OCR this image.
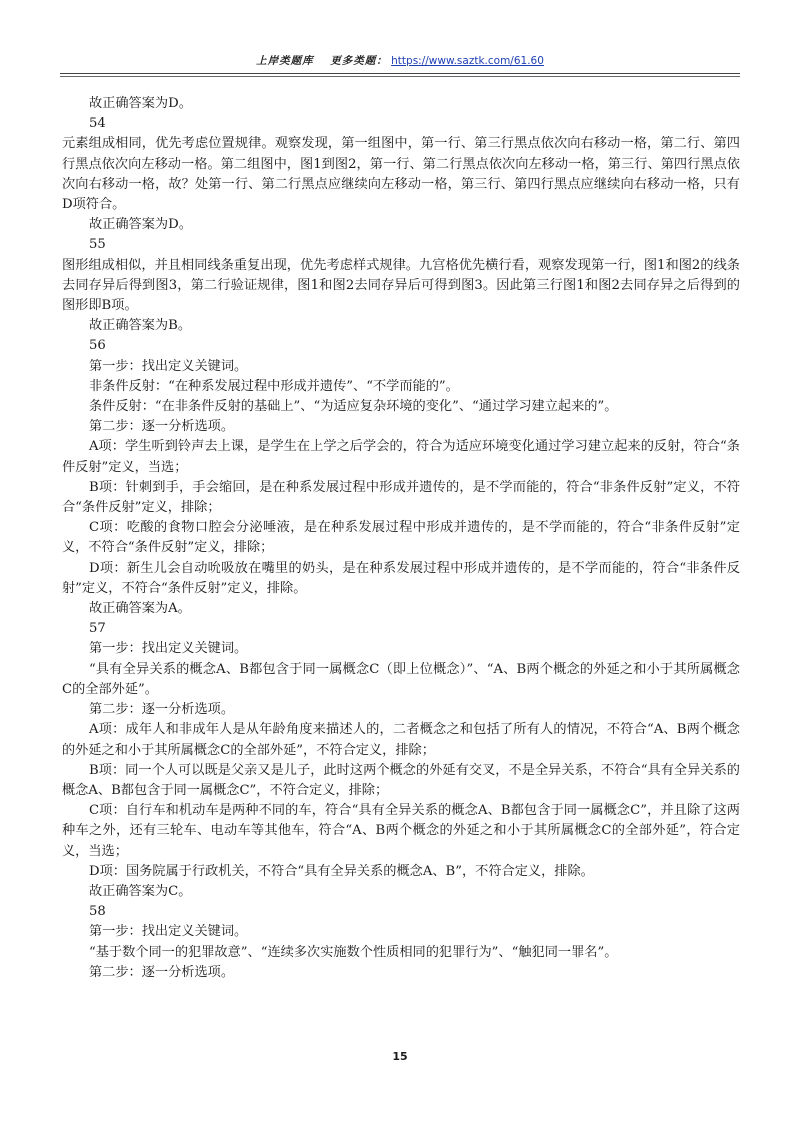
上岸类题库 更多类题： https://www.saztk.com/61.60

故正确答案为D。

54

元素组成相同，优先考虑位置规律。观察发现，第一组图中，第一行、第三行黑点依次向右移动一格，第二行、第四行黑点依次向左移动一格。第二组图中，图1到图2，第一行、第二行黑点依次向左移动一格，第三行、第四行黑点依次向右移动一格，故？处第一行、第二行黑点应继续向左移动一格，第三行、第四行黑点应继续向右移动一格，只有D项符合。

故正确答案为D。

55

图形组成相似，并且相同线条重复出现，优先考虑样式规律。九宫格优先横行看，观察发现第一行，图1和图2的线条去同存异后得到图3，第二行验证规律，图1和图2去同存异后可得到图3。因此第三行图1和图2去同存异之后得到的图形即B项。

故正确答案为B。

56

第一步：找出定义关键词。

非条件反射：“在种系发展过程中形成并遗传”、“不学而能的”。

条件反射：“在非条件反射的基础上”、“为适应复杂环境的变化”、“通过学习建立起来的”。

第二步：逐一分析选项。

A项：学生听到铃声去上课，是学生在上学之后学会的，符合为适应环境变化通过学习建立起来的反射，符合“条件反射”定义，当选；

B项：针刺到手，手会缩回，是在种系发展过程中形成并遗传的，是不学而能的，符合“非条件反射”定义，不符合“条件反射”定义，排除；

C项：吃酸的食物口腔会分泌唾液，是在种系发展过程中形成并遗传的，是不学而能的，符合“非条件反射”定义，不符合“条件反射”定义，排除；

D项：新生儿会自动吮吸放在嘴里的奶头，是在种系发展过程中形成并遗传的，是不学而能的，符合“非条件反射”定义，不符合“条件反射”定义，排除。

故正确答案为A。

57

第一步：找出定义关键词。

“具有全异关系的概念A、B都包含于同一属概念C（即上位概念）”、“A、B两个概念的外延之和小于其所属概念C的全部外延”。

第二步：逐一分析选项。

A项：成年人和非成年人是从年龄角度来描述人的，二者概念之和包括了所有人的情况，不符合“A、B两个概念的外延之和小于其所属概念C的全部外延”，不符合定义，排除；

B项：同一个人可以既是父亲又是儿子，此时这两个概念的外延有交叉，不是全异关系，不符合“具有全异关系的概念A、B都包含于同一属概念C”，不符合定义，排除；

C项：自行车和机动车是两种不同的车，符合“具有全异关系的概念A、B都包含于同一属概念C”，并且除了这两种车之外，还有三轮车、电动车等其他车，符合“A、B两个概念的外延之和小于其所属概念C的全部外延”，符合定义，当选；

D项：国务院属于行政机关，不符合“具有全异关系的概念A、B”，不符合定义，排除。

故正确答案为C。

58

第一步：找出定义关键词。

“基于数个同一的犯罪故意”、“连续多次实施数个性质相同的犯罪行为”、“触犯同一罪名”。

第二步：逐一分析选项。

15
